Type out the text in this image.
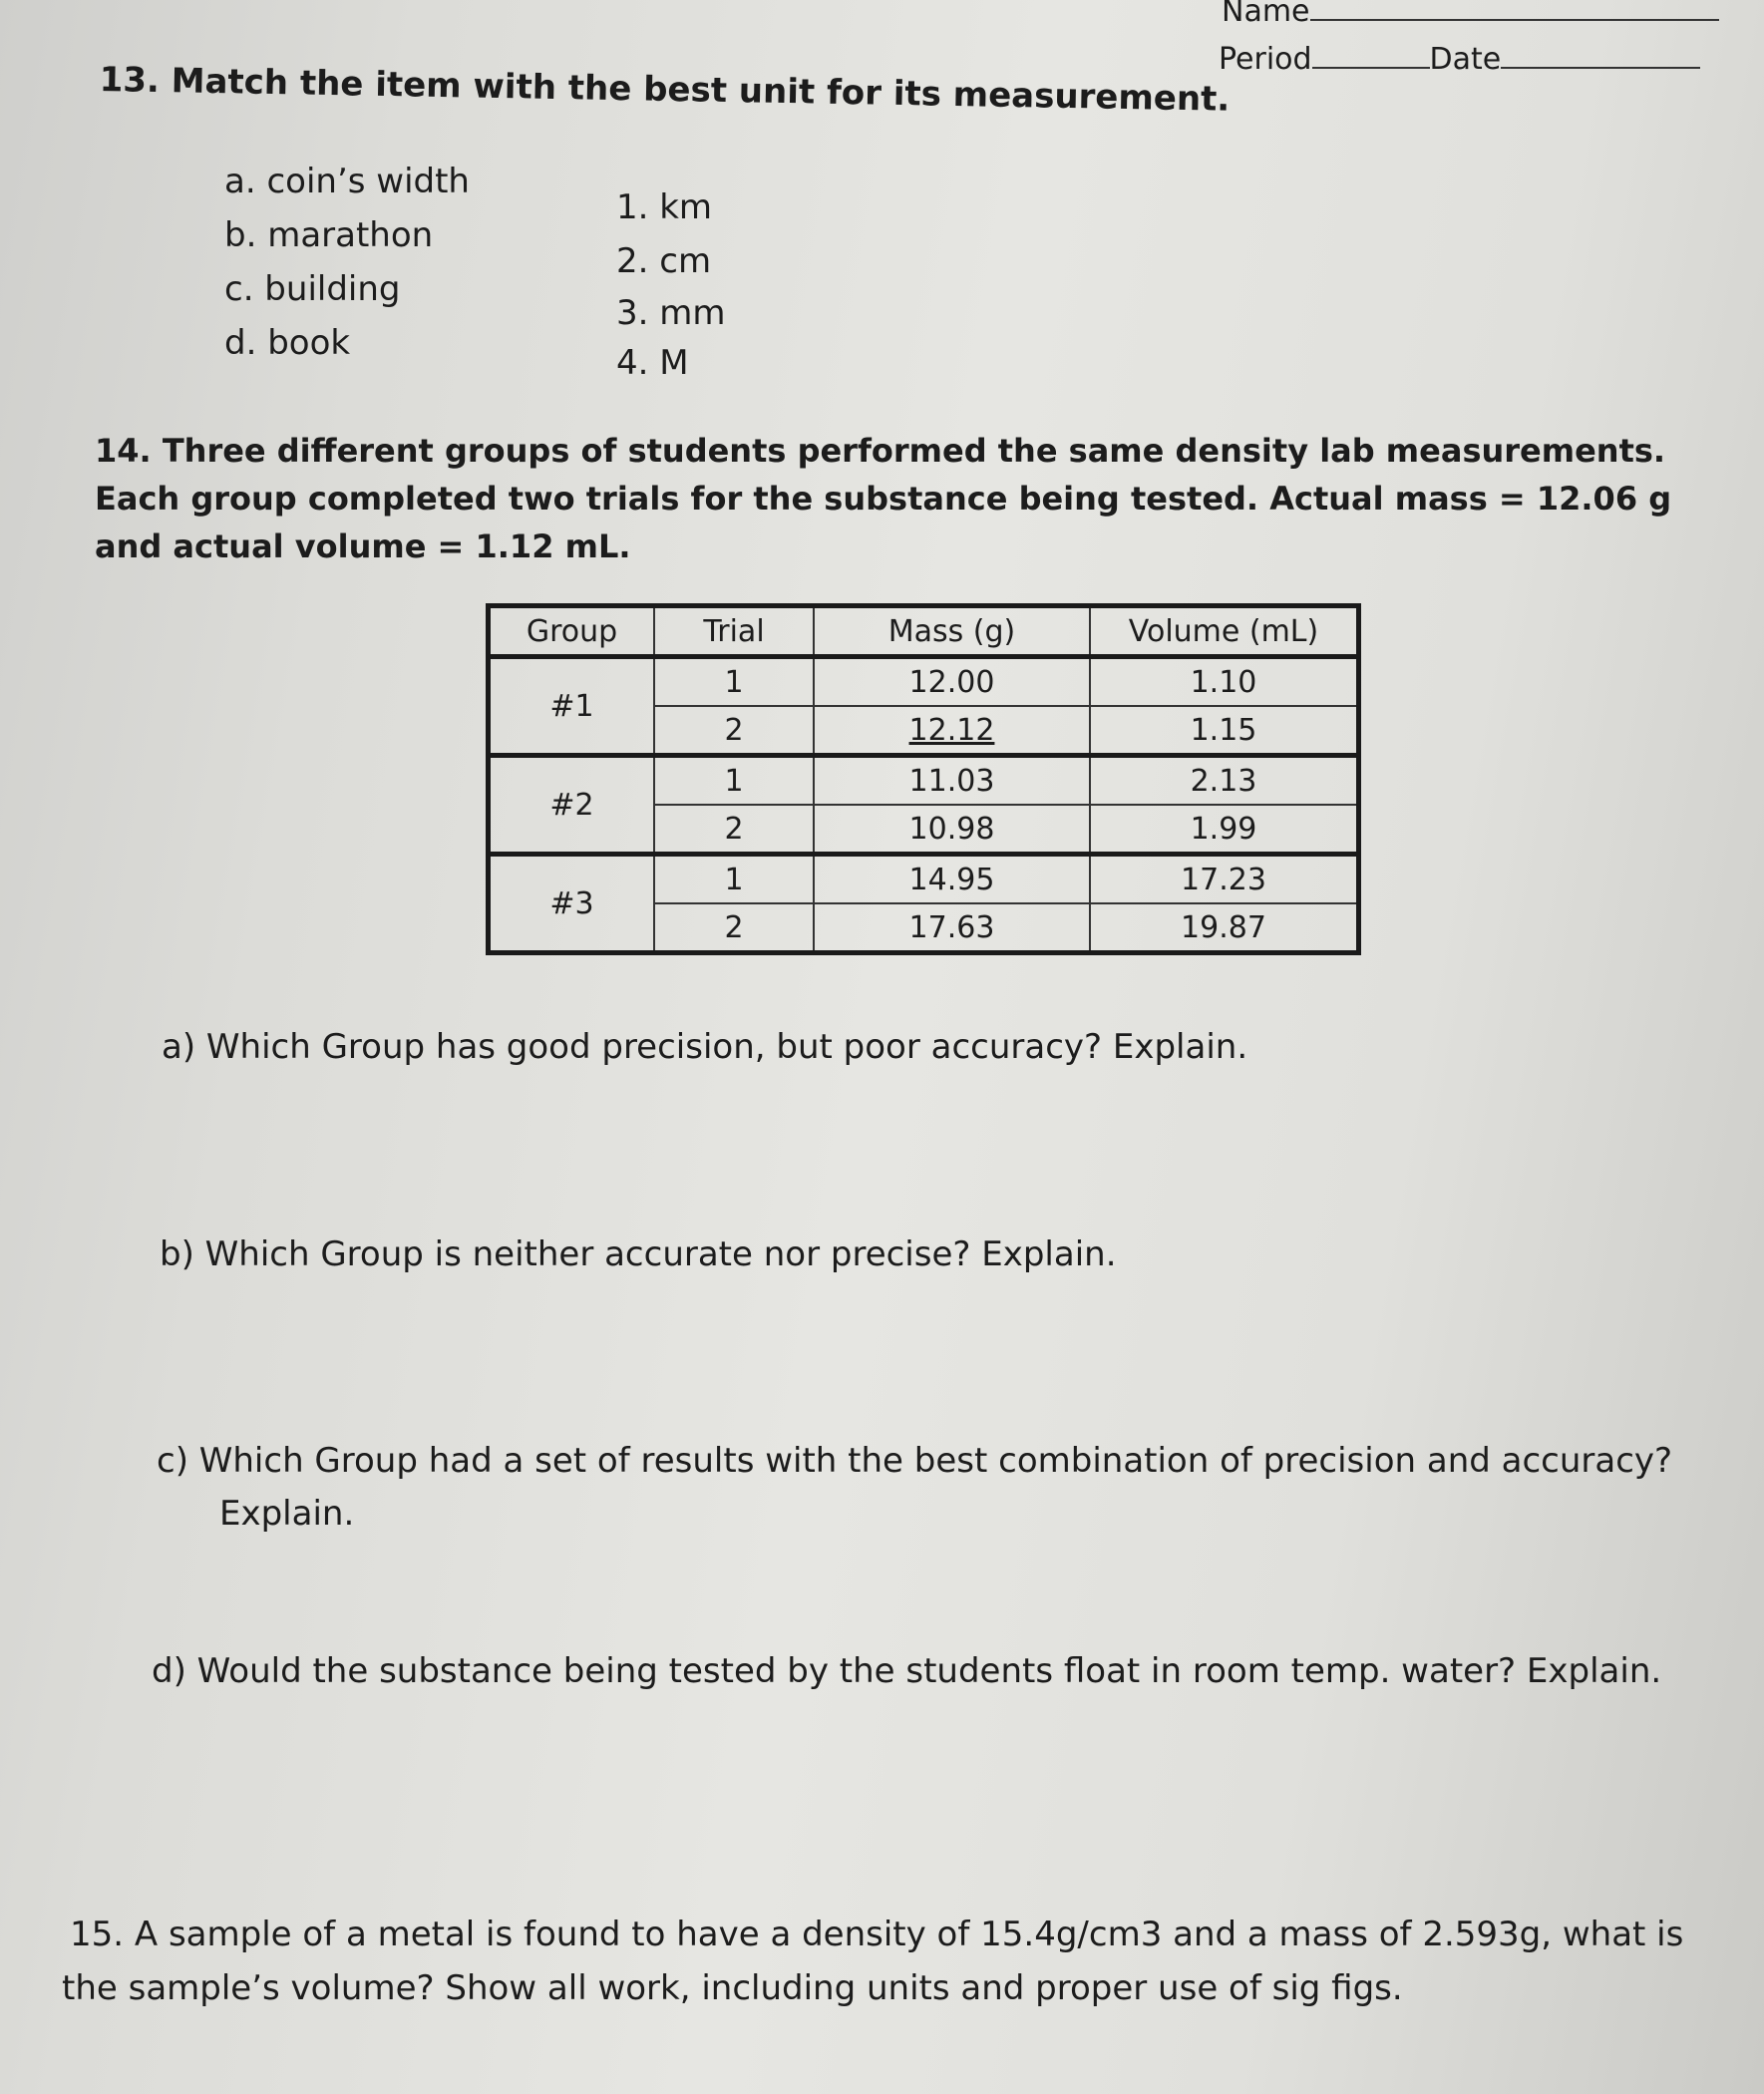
Name
Period	Date
13. Match the item with the best unit for its measurement.
a. coin’s width
b. marathon
c. building
d. book
1. km
2. cm
3. mm
4. M
14. Three different groups of students performed the same density lab measurements. Each group completed two trials for the substance being tested. Actual mass = 12.06 g and actual volume = 1.12 mL.
Group	Trial	Mass (g)	Volume (mL)
#1	1	12.00	1.10
	2	12.12	1.15
#2	1	11.03	2.13
	2	10.98	1.99
#3	1	14.95	17.23
	2	17.63	19.87
a) Which Group has good precision, but poor accuracy? Explain.
b) Which Group is neither accurate nor precise? Explain.
c) Which Group had a set of results with the best combination of precision and accuracy?
Explain.
d) Would the substance being tested by the students float in room temp. water? Explain.
15. A sample of a metal is found to have a density of 15.4g/cm3 and a mass of 2.593g, what is
the sample’s volume? Show all work, including units and proper use of sig figs.
